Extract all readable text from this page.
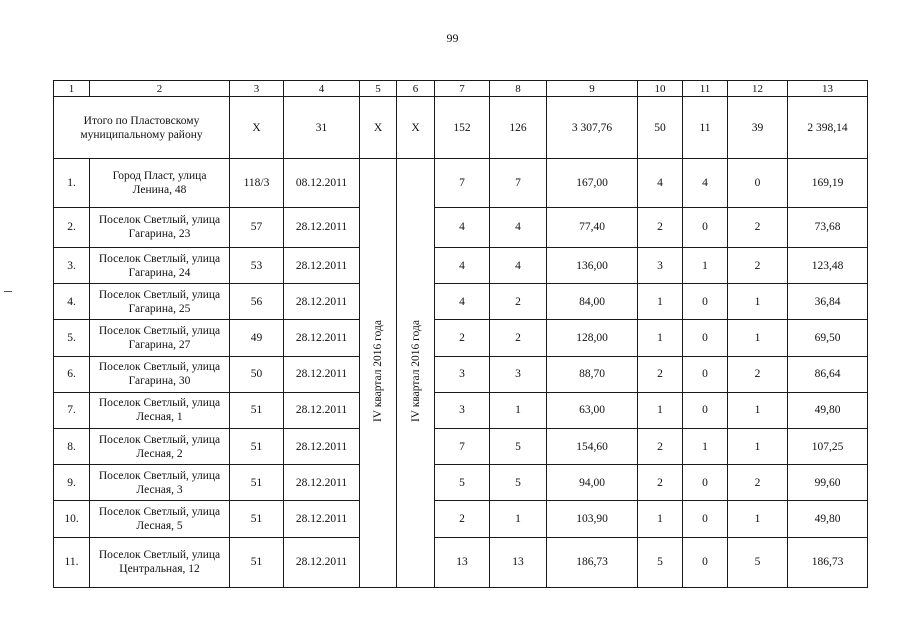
99
1	2	3	4	5	6	7	8	9	10	11	12	13
Итого по Пластовскому муниципальному району		Х	31	Х	Х	152	126	3 307,76	50	11	39	2 398,14
1.	Город Пласт, улица Ленина, 48	118/3	08.12.2011	IV квартал 2016 года	IV квартал 2016 года	7	7	167,00	4	4	0	169,19
2.	Поселок Светлый, улица Гагарина, 23	57	28.12.2011			4	4	77,40	2	0	2	73,68
3.	Поселок Светлый, улица Гагарина, 24	53	28.12.2011			4	4	136,00	3	1	2	123,48
4.	Поселок Светлый, улица Гагарина, 25	56	28.12.2011			4	2	84,00	1	0	1	36,84
5.	Поселок Светлый, улица Гагарина, 27	49	28.12.2011			2	2	128,00	1	0	1	69,50
6.	Поселок Светлый, улица Гагарина, 30	50	28.12.2011			3	3	88,70	2	0	2	86,64
7.	Поселок Светлый, улица Лесная, 1	51	28.12.2011			3	1	63,00	1	0	1	49,80
8.	Поселок Светлый, улица Лесная, 2	51	28.12.2011			7	5	154,60	2	1	1	107,25
9.	Поселок Светлый, улица Лесная, 3	51	28.12.2011			5	5	94,00	2	0	2	99,60
10.	Поселок Светлый, улица Лесная, 5	51	28.12.2011			2	1	103,90	1	0	1	49,80
11.	Поселок Светлый, улица Центральная, 12	51	28.12.2011			13	13	186,73	5	0	5	186,73
